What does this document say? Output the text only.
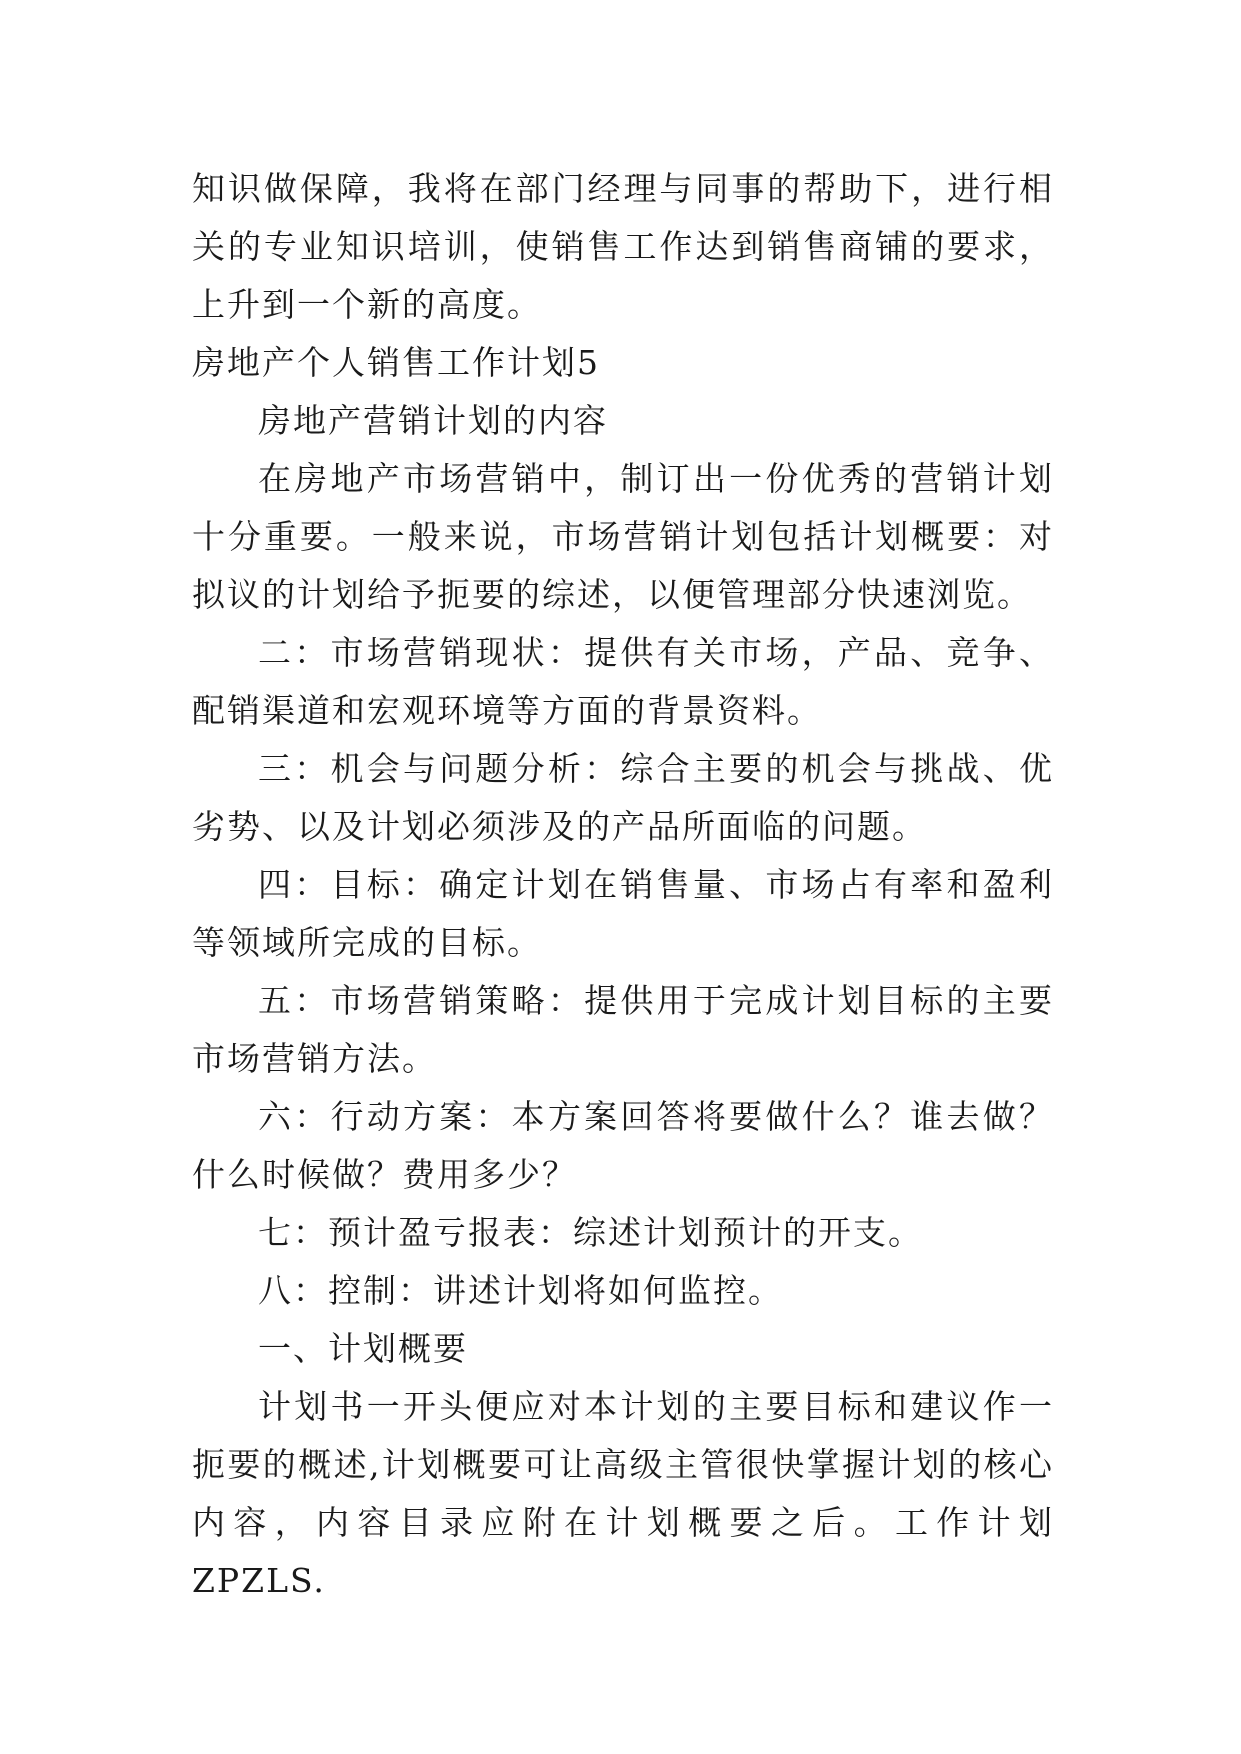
知识做保障，我将在部门经理与同事的帮助下，进行相关的专业知识培训，使销售工作达到销售商铺的要求，上升到一个新的高度。

房地产个人销售工作计划5

房地产营销计划的内容

在房地产市场营销中，制订出一份优秀的营销计划十分重要。一般来说，市场营销计划包括计划概要：对拟议的计划给予扼要的综述，以便管理部分快速浏览。

二：市场营销现状：提供有关市场，产品、竞争、配销渠道和宏观环境等方面的背景资料。

三：机会与问题分析：综合主要的机会与挑战、优劣势、以及计划必须涉及的产品所面临的问题。

四：目标：确定计划在销售量、市场占有率和盈利等领域所完成的目标。

五：市场营销策略：提供用于完成计划目标的主要市场营销方法。

六：行动方案：本方案回答将要做什么？谁去做？什么时候做？费用多少？

七：预计盈亏报表：综述计划预计的开支。

八：控制：讲述计划将如何监控。

一、计划概要

计划书一开头便应对本计划的主要目标和建议作一扼要的概述,计划概要可让高级主管很快掌握计划的核心内容，内容目录应附在计划概要之后。工作计划 ZPZLS.
